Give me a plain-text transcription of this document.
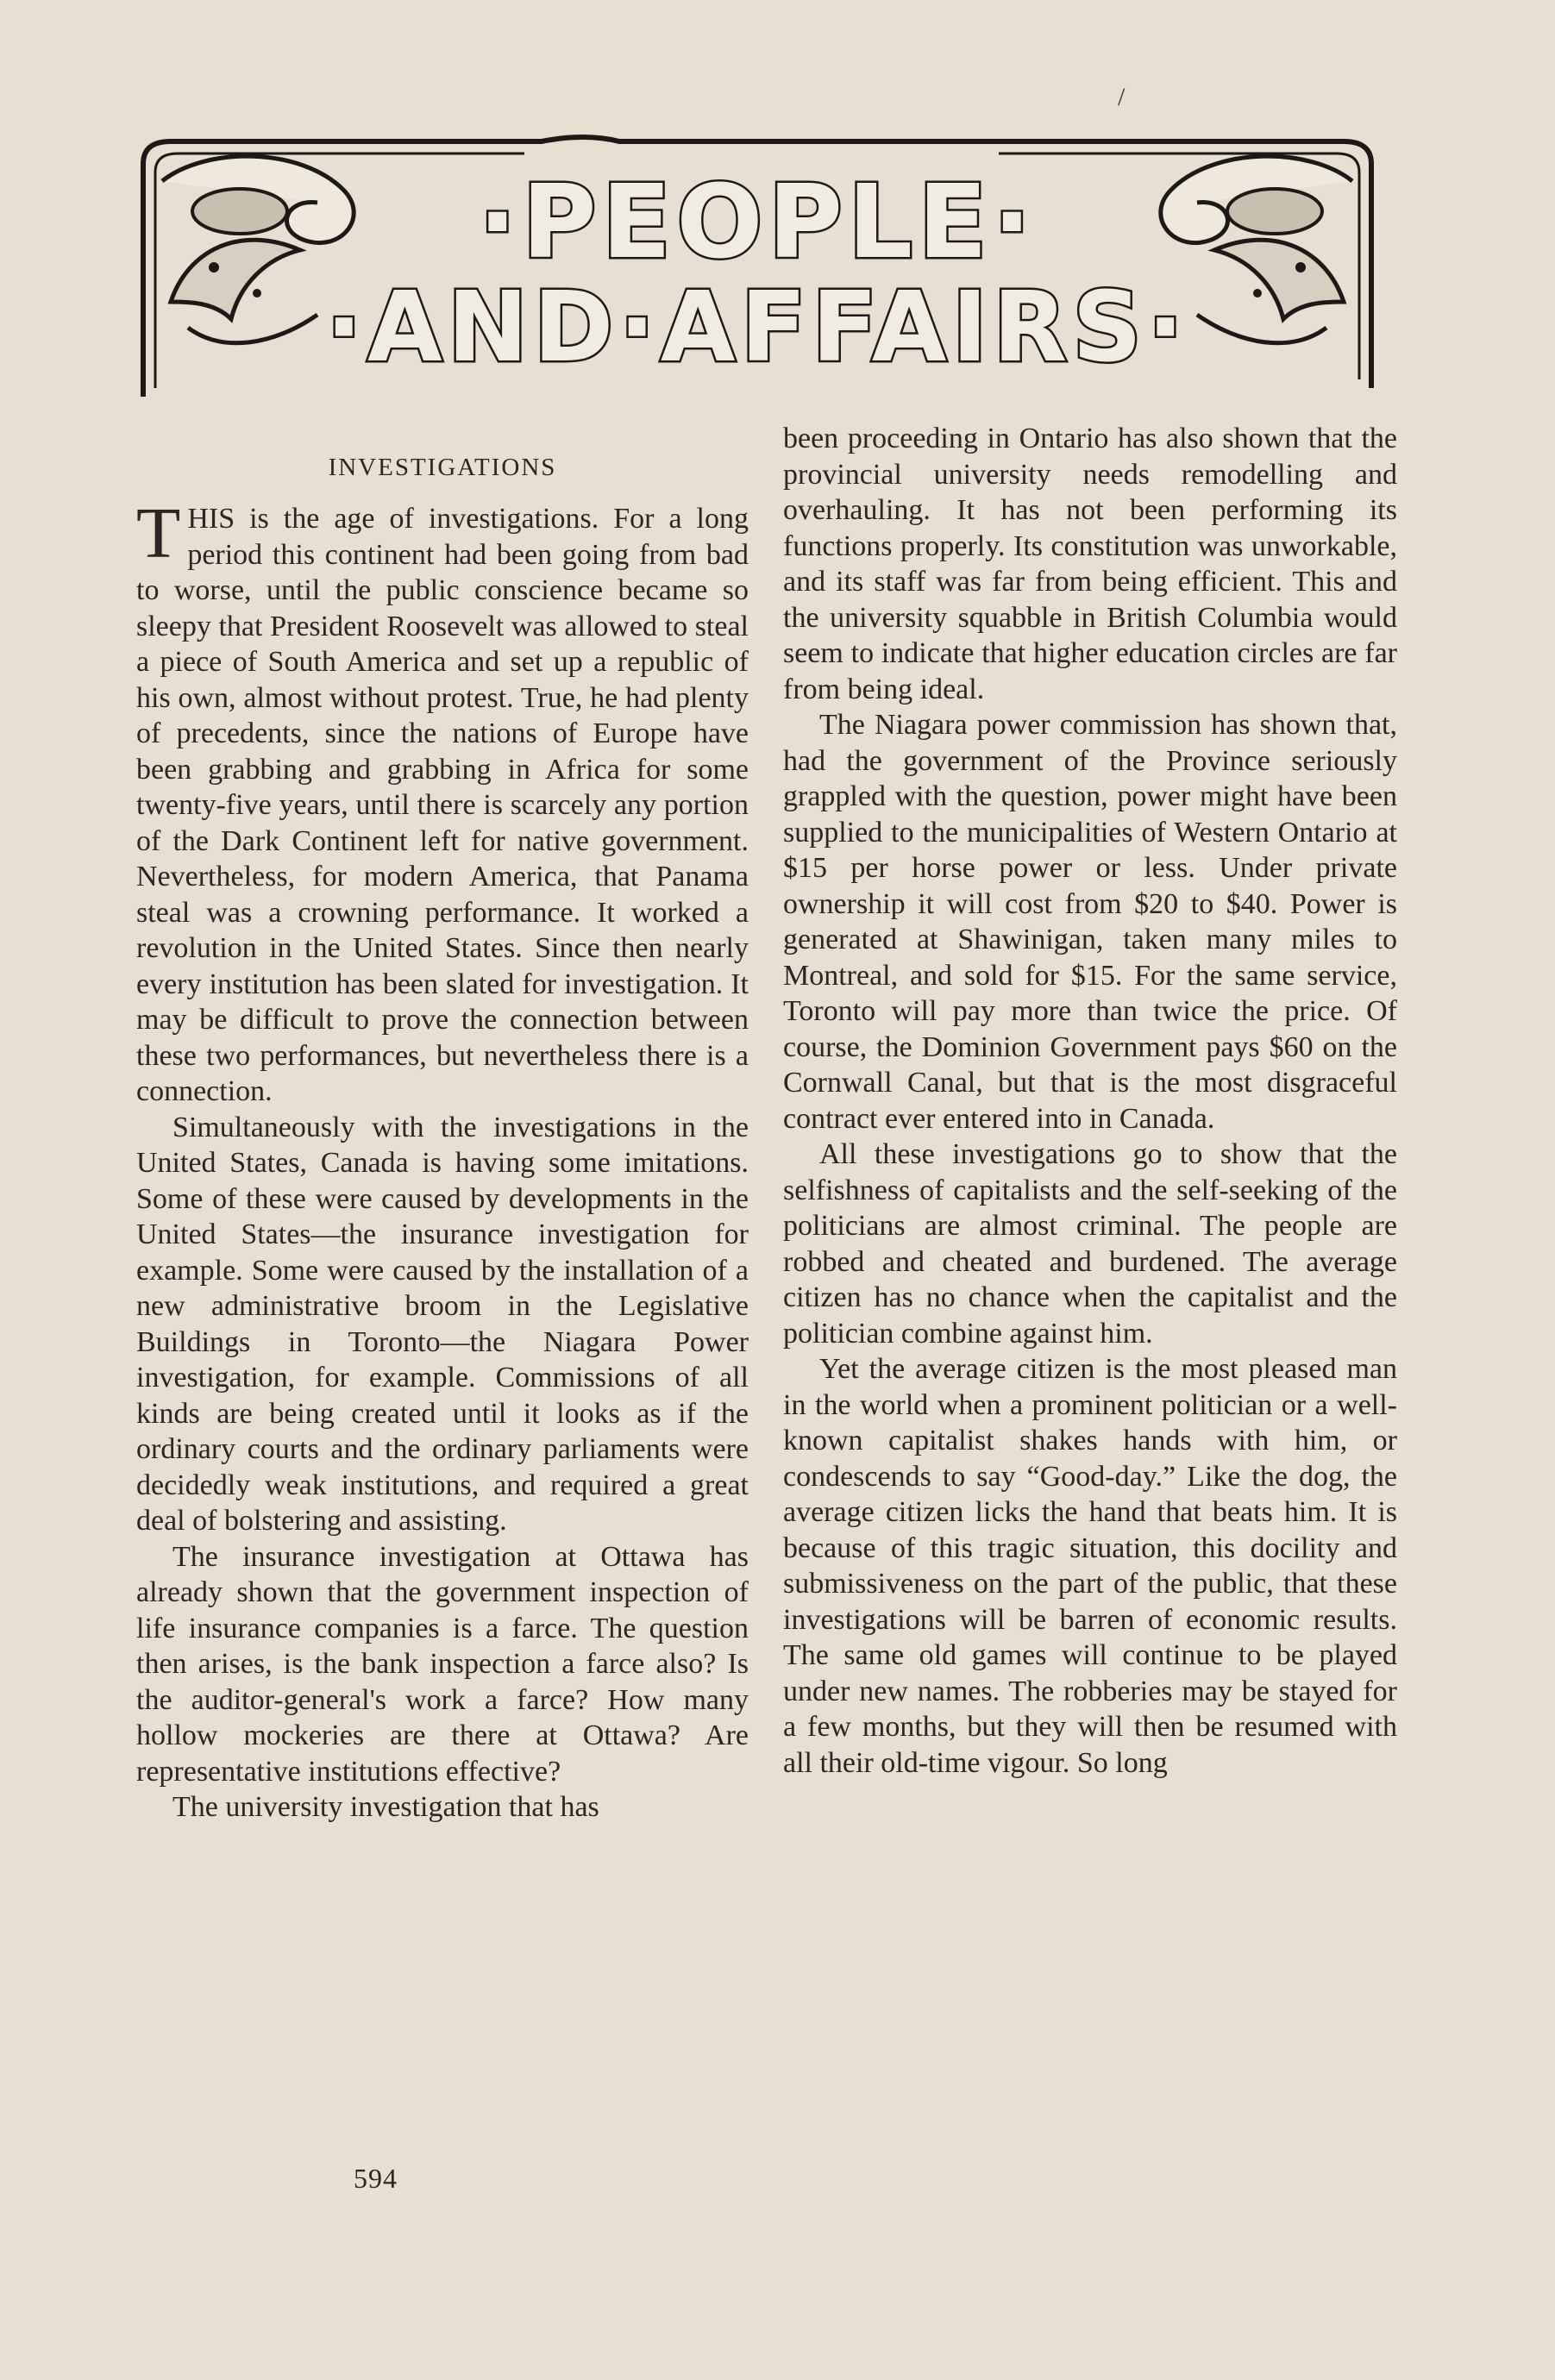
/
·PEOPLE·
·AND·AFFAIRS·
INVESTIGATIONS

THIS is the age of investigations. For a long period this continent had been going from bad to worse, until the public conscience became so sleepy that President Roosevelt was allowed to steal a piece of South America and set up a republic of his own, almost without protest. True, he had plenty of precedents, since the nations of Europe have been grabbing and grabbing in Africa for some twenty-five years, until there is scarcely any portion of the Dark Continent left for native government. Nevertheless, for modern America, that Panama steal was a crowning performance. It worked a revolution in the United States. Since then nearly every institution has been slated for investigation. It may be difficult to prove the connection between these two performances, but nevertheless there is a connection.

Simultaneously with the investigations in the United States, Canada is having some imitations. Some of these were caused by developments in the United States—the insurance investigation for example. Some were caused by the installation of a new administrative broom in the Legislative Buildings in Toronto—the Niagara Power investigation, for example. Commissions of all kinds are being created until it looks as if the ordinary courts and the ordinary parliaments were decidedly weak institutions, and required a great deal of bolstering and assisting.

The insurance investigation at Ottawa has already shown that the government inspection of life insurance companies is a farce. The question then arises, is the bank inspection a farce also? Is the auditor-general's work a farce? How many hollow mockeries are there at Ottawa? Are representative institutions effective?

The university investigation that has

been proceeding in Ontario has also shown that the provincial university needs remodelling and overhauling. It has not been performing its functions properly. Its constitution was unworkable, and its staff was far from being efficient. This and the university squabble in British Columbia would seem to indicate that higher education circles are far from being ideal.

The Niagara power commission has shown that, had the government of the Province seriously grappled with the question, power might have been supplied to the municipalities of Western Ontario at $15 per horse power or less. Under private ownership it will cost from $20 to $40. Power is generated at Shawinigan, taken many miles to Montreal, and sold for $15. For the same service, Toronto will pay more than twice the price. Of course, the Dominion Government pays $60 on the Cornwall Canal, but that is the most disgraceful contract ever entered into in Canada.

All these investigations go to show that the selfishness of capitalists and the self-seeking of the politicians are almost criminal. The people are robbed and cheated and burdened. The average citizen has no chance when the capitalist and the politician combine against him.

Yet the average citizen is the most pleased man in the world when a prominent politician or a well-known capitalist shakes hands with him, or condescends to say “Good-day.” Like the dog, the average citizen licks the hand that beats him. It is because of this tragic situation, this docility and submissiveness on the part of the public, that these investigations will be barren of economic results. The same old games will continue to be played under new names. The robberies may be stayed for a few months, but they will then be resumed with all their old-time vigour. So long

594
